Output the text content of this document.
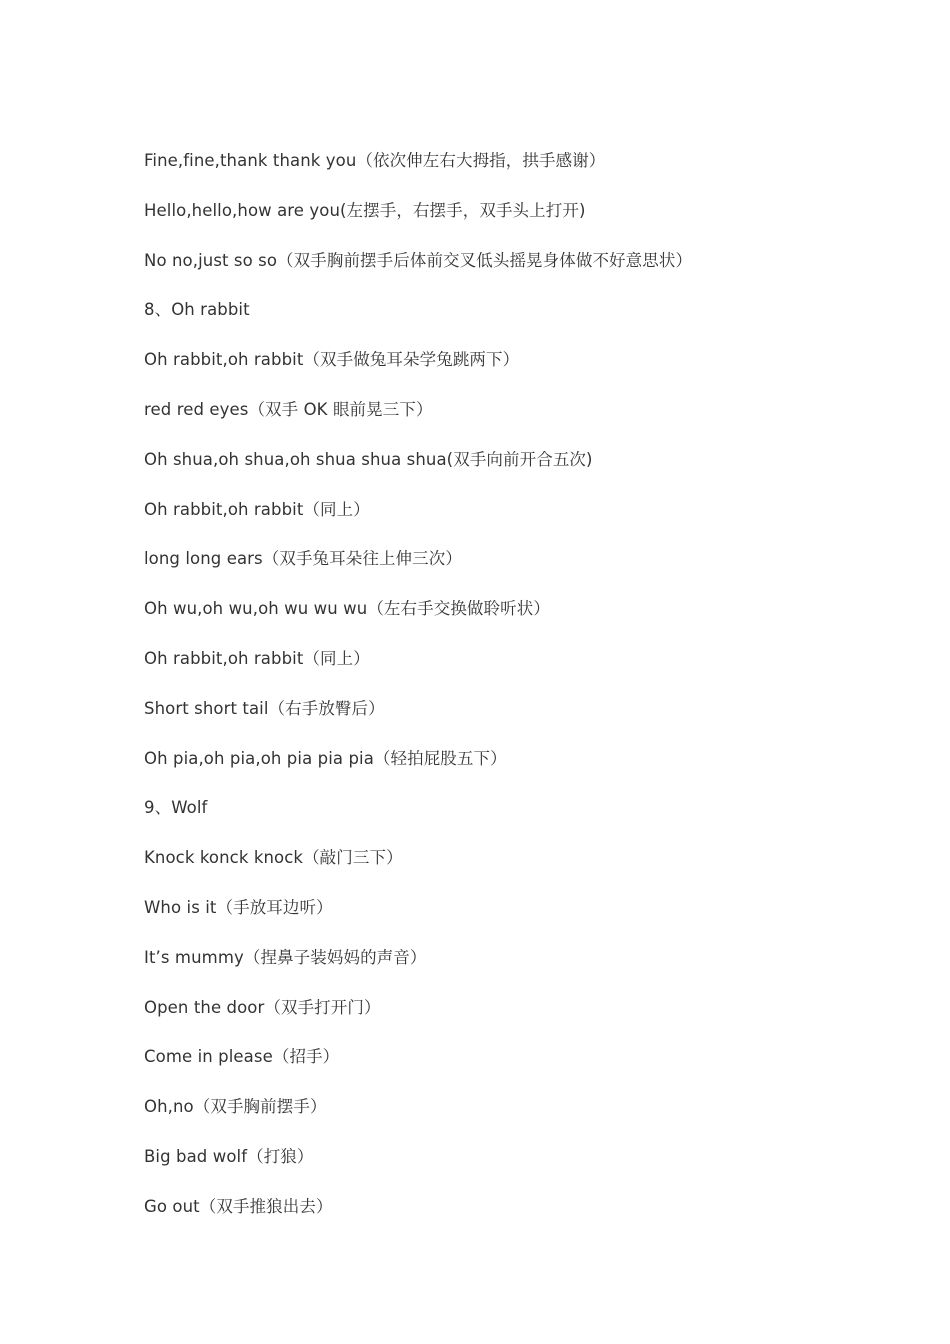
Fine,fine,thank thank you（依次伸左右大拇指，拱手感谢）
Hello,hello,how are you(左摆手，右摆手，双手头上打开)
No no,just so so（双手胸前摆手后体前交叉低头摇晃身体做不好意思状）
8、Oh rabbit
Oh rabbit,oh rabbit（双手做兔耳朵学兔跳两下）
red red eyes（双手 OK 眼前晃三下）
Oh shua,oh shua,oh shua shua shua(双手向前开合五次)
Oh rabbit,oh rabbit（同上）
long long ears（双手兔耳朵往上伸三次）
Oh wu,oh wu,oh wu wu wu（左右手交换做聆听状）
Oh rabbit,oh rabbit（同上）
Short short tail（右手放臀后）
Oh pia,oh pia,oh pia pia pia（轻拍屁股五下）
9、Wolf
Knock konck knock（敲门三下）
Who is it（手放耳边听）
It’s mummy（捏鼻子装妈妈的声音）
Open the door（双手打开门）
Come in please（招手）
Oh,no（双手胸前摆手）
Big bad wolf（打狼）
Go out（双手推狼出去）
